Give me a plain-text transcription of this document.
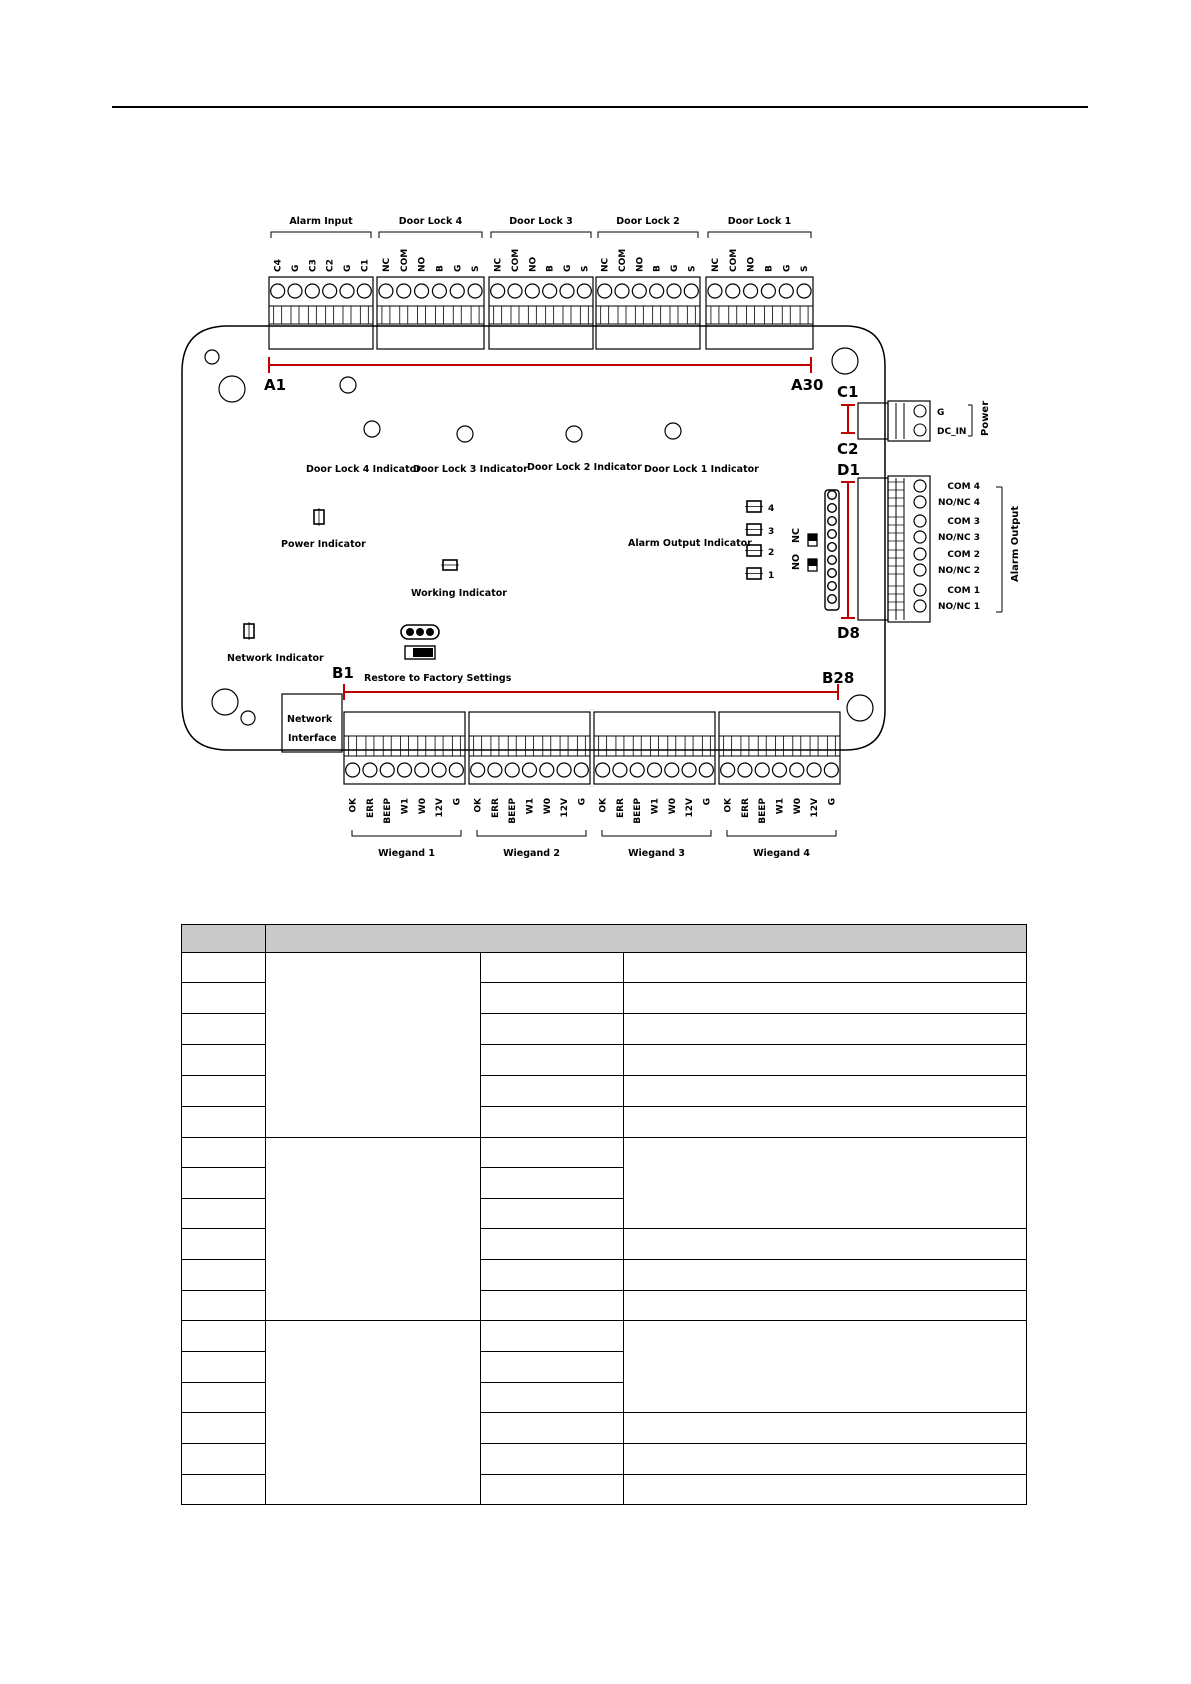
Alarm Input
C4 G C3 C2 G C1
Door Lock 4
NC COM NO B G S
Door Lock 3
NC COM NO B G S
Door Lock 2
NC COM NO B G S
Door Lock 1
NC COM NO B G S
OK ERR BEEP W1 W0 12V G
Wiegand 1
OK ERR BEEP W1 W0 12V G
Wiegand 2
OK ERR BEEP W1 W0 12V G
Wiegand 3
OK ERR BEEP W1 W0 12V G
Wiegand 4
COM 4
NO/NC 4
COM 3
NO/NC 3
COM 2
NO/NC 2
COM 1
NO/NC 1
A1	A30
B1	B28
C1
C2
D1
D8
G
DC_IN Power
Alarm Output
Door Lock 4 Indicator
Door Lock 3 Indicator Door Lock 2 Indicator Door Lock 1 Indicator
Power Indicator
Working Indicator
Network Indicator
Restore to Factory Settings
Network
Interface
Alarm Output Indicator
4
3
2
1
NC
NO
